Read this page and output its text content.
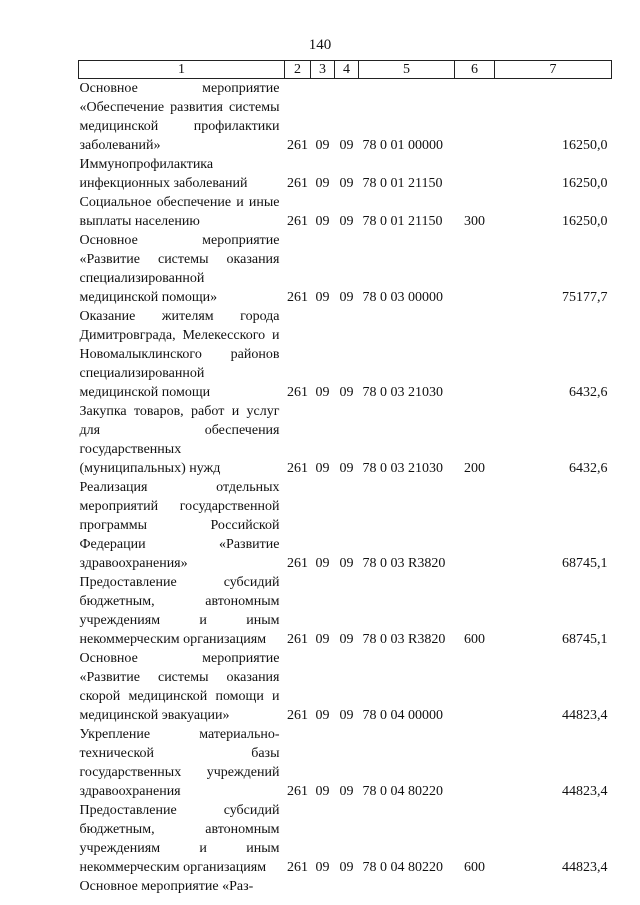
140
1	2	3	4	5	6	7
Основное мероприятие «Обеспечение развития системы медицинской профилактики заболеваний»	261	09	09	78 0 01 00000		16250,0
Иммунопрофилактика инфекционных заболеваний	261	09	09	78 0 01 21150		16250,0
Социальное обеспечение и иные выплаты населению	261	09	09	78 0 01 21150	300	16250,0
Основное мероприятие «Развитие системы оказания специализированной медицинской помощи»	261	09	09	78 0 03 00000		75177,7
Оказание жителям города Димитровграда, Мелекесского и Новомалыклинского районов специализированной медицинской помощи	261	09	09	78 0 03 21030		6432,6
Закупка товаров, работ и услуг для обеспечения государственных (муниципальных) нужд	261	09	09	78 0 03 21030	200	6432,6
Реализация отдельных мероприятий государственной программы Российской Федерации «Развитие здравоохранения»	261	09	09	78 0 03 R3820		68745,1
Предоставление субсидий бюджетным, автономным учреждениям и иным некоммерческим организациям	261	09	09	78 0 03 R3820	600	68745,1
Основное мероприятие «Развитие системы оказания скорой медицинской помощи и медицинской эвакуации»	261	09	09	78 0 04 00000		44823,4
Укрепление материально-технической базы государственных учреждений здравоохранения	261	09	09	78 0 04 80220		44823,4
Предоставление субсидий бюджетным, автономным учреждениям и иным некоммерческим организациям	261	09	09	78 0 04 80220	600	44823,4
Основное мероприятие «Раз-						
